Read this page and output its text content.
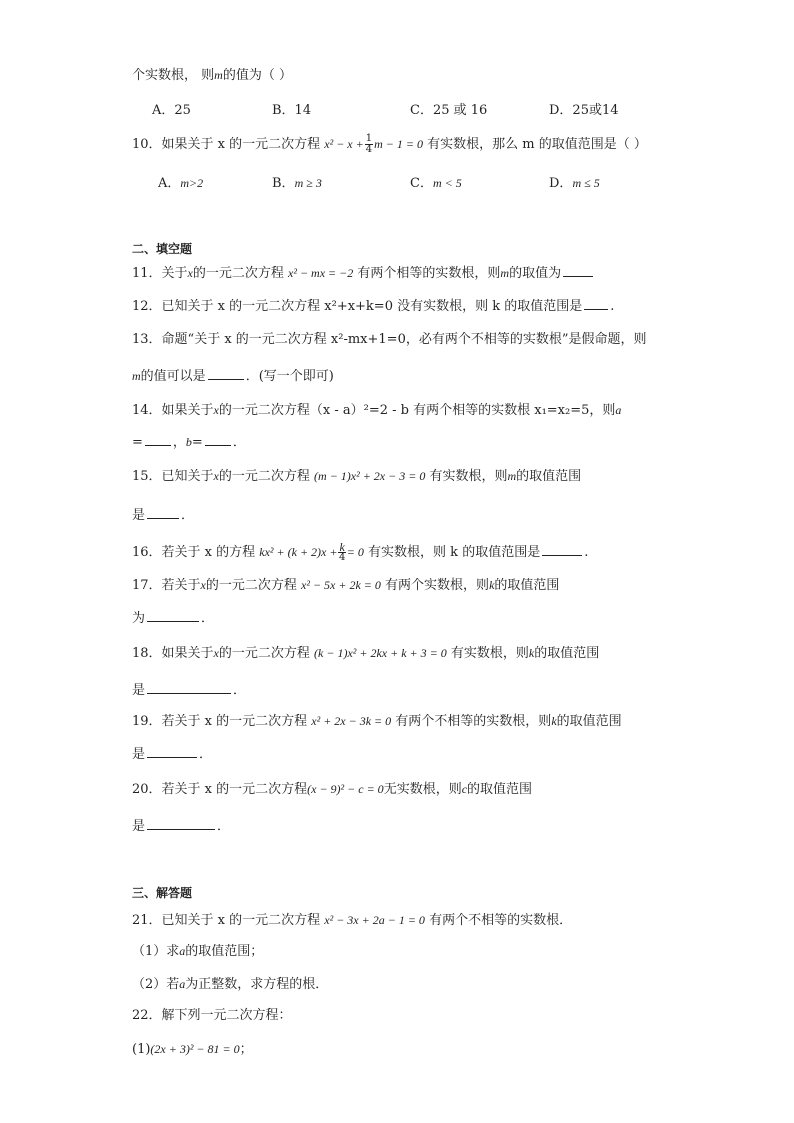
个实数根， 则m的值为（ ）
A．25	B．14	C．25 或 16	D．25或14
10．如果关于 x 的一元二次方程 $x^2 - x + \frac{1}{4}$ m − 1 = 0 有实数根，那么 m 的取值范围是（ ）
A．m>2	B．m ≥ 3	C．m < 5	D．m ≤ 5
二、填空题
11．关于x的一元二次方程 x² − mx = −2 有两个相等的实数根，则m的取值为
12．已知关于 x 的一元二次方程 x²+x+k=0 没有实数根，则 k 的取值范围是 .
13．命题“关于 x 的一元二次方程 x²-mx+1=0，必有两个不相等的实数根”是假命题，则
m的值可以是	．(写一个即可)
14．如果关于x的一元二次方程（x - a）²=2 - b 有两个相等的实数根 x₁=x₂=5，则a
= ，b= ．
15．已知关于x的一元二次方程 (m − 1)x² + 2x − 3 = 0 有实数根，则m的取值范围
是	．
16．若关于 x 的方程 $kx^2 + (k + 2)x + \frac{k}{4} = 0$ 有实数根，则 k 的取值范围是	.
17．若关于x的一元二次方程 x² − 5x + 2k = 0 有两个实数根，则k的取值范围
为	．
18．如果关于x的一元二次方程 (k − 1)x² + 2kx + k + 3 = 0 有实数根，则k的取值范围
是	．
19．若关于 x 的一元二次方程 x² + 2x − 3k = 0 有两个不相等的实数根，则k的取值范围
是	．
20．若关于 x 的一元二次方程(x − 9)² − c = 0无实数根，则c的取值范围
是	．
三、解答题
21．已知关于 x 的一元二次方程 x² − 3x + 2a − 1 = 0 有两个不相等的实数根．
（1）求a的取值范围；
（2）若a为正整数，求方程的根．
22．解下列一元二次方程：
(1)(2x + 3)² − 81 = 0；
